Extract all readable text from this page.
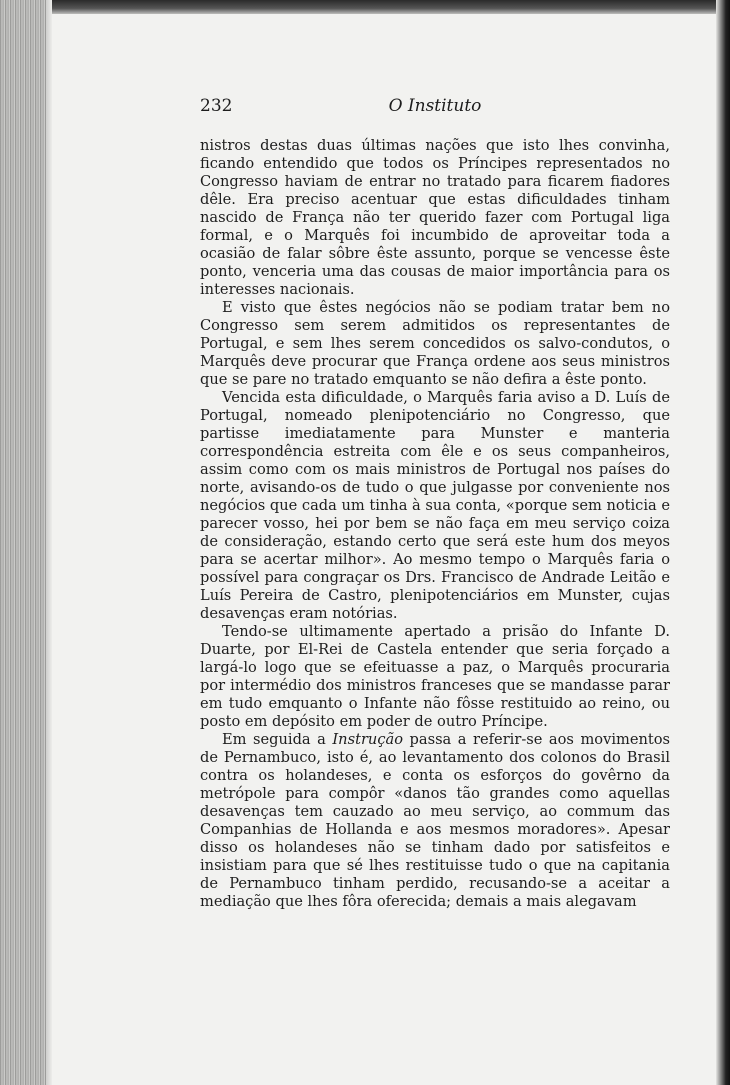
232	O Instituto

nistros destas duas últimas nações que isto lhes convinha, ficando entendido que todos os Príncipes representados no Congresso haviam de entrar no tratado para ficarem fiadores dêle. Era preciso acentuar que estas dificuldades tinham nascido de França não ter querido fazer com Portugal liga formal, e o Marquês foi incumbido de aproveitar toda a ocasião de falar sôbre êste assunto, porque se vencesse êste ponto, venceria uma das cousas de maior importância para os interesses nacionais.

E visto que êstes negócios não se podiam tratar bem no Congresso sem serem admitidos os representantes de Portugal, e sem lhes serem concedidos os salvo-condutos, o Marquês deve procurar que França ordene aos seus ministros que se pare no tratado emquanto se não defira a êste ponto.

Vencida esta dificuldade, o Marquês faria aviso a D. Luís de Portugal, nomeado plenipotenciário no Congresso, que partisse imediatamente para Munster e manteria correspondência estreita com êle e os seus companheiros, assim como com os mais ministros de Portugal nos países do norte, avisando-os de tudo o que julgasse por conveniente nos negócios que cada um tinha à sua conta, «porque sem noticia e parecer vosso, hei por bem se não faça em meu serviço coiza de consideração, estando certo que será este hum dos meyos para se acertar milhor». Ao mesmo tempo o Marquês faria o possível para congraçar os Drs. Francisco de Andrade Leitão e Luís Pereira de Castro, plenipotenciários em Munster, cujas desavenças eram notórias.

Tendo-se ultimamente apertado a prisão do Infante D. Duarte, por El-Rei de Castela entender que seria forçado a largá-lo logo que se efeituasse a paz, o Marquês procuraria por intermédio dos ministros franceses que se mandasse parar em tudo emquanto o Infante não fôsse restituido ao reino, ou posto em depósito em poder de outro Príncipe.

Em seguida a Instrução passa a referir-se aos movimentos de Pernambuco, isto é, ao levantamento dos colonos do Brasil contra os holandeses, e conta os esforços do govêrno da metrópole para compôr «danos tão grandes como aquellas desavenças tem cauzado ao meu serviço, ao commum das Companhias de Hollanda e aos mesmos moradores». Apesar disso os holandeses não se tinham dado por satisfeitos e insistiam para que sé lhes restituisse tudo o que na capitania de Pernambuco tinham perdido, recusando-se a aceitar a mediação que lhes fôra oferecida; demais a mais alegavam
